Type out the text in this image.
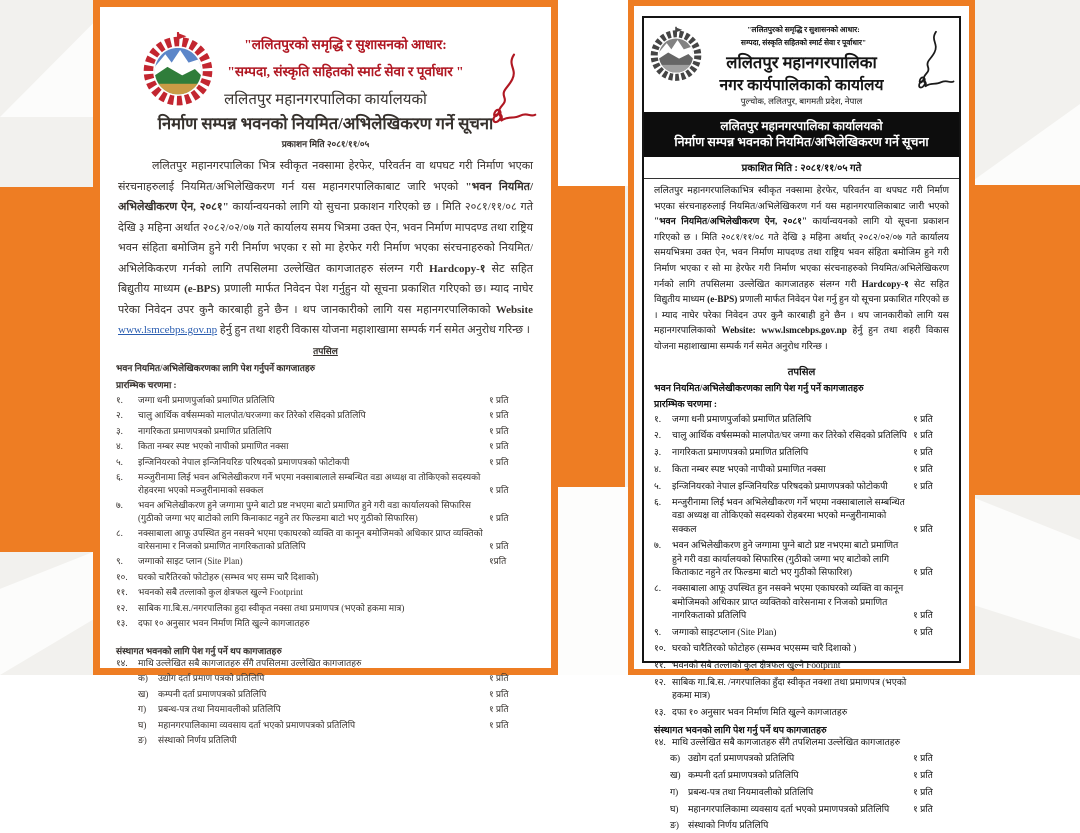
"ललितपुरको समृद्धि र सुशासनको आधार:
"सम्पदा, संस्कृति सहितको स्मार्ट सेवा र पूर्वाधार "
ललितपुर महानगरपालिका कार्यालयको
निर्माण सम्पन्न भवनको नियमित/अभिलेखिकरण गर्ने सूचना
प्रकाशन मिति २०८१/११/०५

ललितपुर महानगरपालिका भित्र स्वीकृत नक्सामा हेरफेर, परिवर्तन वा थपघट गरी निर्माण भएका संरचनाहरुलाई नियमित/अभिलेखिकरण गर्न यस महानगरपालिकाबाट जारि भएको "भवन नियमित/अभिलेखीकरण ऐन, २०८१" कार्यान्वयनको लागि यो सुचना प्रकाशन गरिएको छ । मिति २०८१/११/०८ गते देखि ३ महिना अर्थात २०८२/०२/०७ गते कार्यालय समय भित्रमा उक्त ऐन, भवन निर्माण मापदण्ड तथा राष्ट्रिय भवन संहिता बमोजिम हुने गरी निर्माण भएका र सो मा हेरफेर गरी निर्माण भएका संरचनाहरुको नियमित/अभिलेकिकरण गर्नको लागि तपसिलमा उल्लेखित कागजातहरु संलग्न गरी Hardcopy-१ सेट सहित बिद्युतीय माध्यम (e-BPS) प्रणाली मार्फत निवेदन पेश गर्नुहुन यो सूचना प्रकाशित गरिएको छ। म्याद नाघेर परेका निवेदन उपर कुनै कारबाही हुने छैन । थप जानकारीको लागि यस महानगरपालिकाको Website www.lsmcebps.gov.np हेर्नु हुन तथा शहरी विकास योजना महाशाखामा सम्पर्क गर्न समेत अनुरोध गरिन्छ ।

तपसिल
भवन नियमित/अभिलेखिकरणका लागि पेश गर्नुपर्ने कागजातहरु
प्रारम्भिक चरणमा :
१.	जग्गा धनी प्रमाणपुर्जाको प्रमाणित प्रतिलिपि	१ प्रति
२.	चालु आर्थिक वर्षसम्मको मालपोत/घरजग्गा कर तिरेको रसिदको प्रतिलिपि	१ प्रति
३.	नागरिकता प्रमाणपत्रको प्रमाणित प्रतिलिपि	१ प्रति
४.	किता नम्बर स्पष्ट भएको नापीको प्रमाणित नक्सा	१ प्रति
५.	इन्जिनियरको नेपाल इन्जिनियरिङ परिषदको प्रमाणपत्रको फोटोकपी	१ प्रति
६.	मञ्जुरीनामा लिई भवन अभिलेखीकरण गर्ने भएमा नक्साबालाले सम्बन्धित वडा अध्यक्ष वा तोकिएको सदस्यको रोहवरमा भएको मञ्जुरीनामाको सक्कल	१ प्रति
७.	भवन अभिलेखीकरण हुने जग्गामा पुग्ने बाटो प्रष्ट नभएमा बाटो प्रमाणित हुने गरी वडा कार्यालयको सिफारिस (गुठीको जग्गा भए बाटोको लागि किनाकाट नहुने तर फिल्डमा बाटो भए गुठीको सिफारिस)	१ प्रति
८.	नक्साबाला आफू उपस्थित हुन नसक्ने भएमा एकाघरको व्यक्ति वा कानून बमोजिमको अधिकार प्राप्त व्यक्तिको वारेसनामा र निजको प्रमाणित नागरिकताको प्रतिलिपि	१ प्रति
९.	जग्गाको साइट प्लान (Site Plan)	१प्रति
१०.	घरको चारैतिरको फोटोहरु (सम्भव भए सम्म चारै दिशाको)
११.	भवनको सबै तल्लाको कुल क्षेत्रफल खुल्ने Footprint
१२.	साबिक गा.बि.स./नगरपालिका हुदा स्वीकृत नक्सा तथा प्रमाणपत्र (भएको हकमा मात्र)
१३.	दफा १० अनुसार भवन निर्माण मिति खुल्ने कागजातहरु
संस्थागत भवनको लागि पेश गर्नु पर्ने थप कागजातहरु
१४.	माथि उल्लेखित सबै कागजातहरु सँगै तपसिलमा उल्लेखित कागजातहरु
क)	उद्योग दर्ता प्रमाण पत्रको प्रतिलिपि	१ प्रति
ख)	कम्पनी दर्ता प्रमाणपत्रको प्रतिलिपि	१ प्रति
ग)	प्रबन्ध-पत्र तथा नियमावलीको प्रतिलिपि	१ प्रति
घ)	महानगरपालिकामा व्यवसाय दर्ता भएको प्रमाणपत्रको प्रतिलिपि	१ प्रति
ङ)	संस्थाको निर्णय प्रतिलिपी
"ललितपुरको समृद्धि र सुशासनको आधार:
सम्पदा, संस्कृति सहितको स्मार्ट सेवा र पूर्वाधार"
ललितपुर महानगरपालिका
नगर कार्यपालिकाको कार्यालय
पुल्चोक, ललितपुर, बागमती प्रदेश, नेपाल
ललितपुर महानगरपालिका कार्यालयको
निर्माण सम्पन्न भवनको नियमित/अभिलेखिकरण गर्ने सूचना
प्रकाशित मिति : २०८१/११/०५ गते

ललितपुर महानगरपालिकाभित्र स्वीकृत नक्सामा हेरफेर, परिवर्तन वा थपघट गरी निर्माण भएका संरचनाहरुलाई नियमित/अभिलेखिकरण गर्न यस महानगरपालिकाबाट जारी भएको "भवन नियमित/अभिलेखीकरण ऐन, २०८१" कार्यान्वयनको लागि यो सूचना प्रकाशन गरिएको छ । मिति २०८१/११/०८ गते देखि ३ महिना अर्थात् २०८२/०२/०७ गते कार्यालय समयभित्रमा उक्त ऐन, भवन निर्माण मापदण्ड तथा राष्ट्रिय भवन संहिता बमोजिम हुने गरी निर्माण भएका र सो मा हेरफेर गरी निर्माण भएका संरचनाहरुको नियमित/अभिलेखिकरण गर्नको लागि तपसिलमा उल्लेखित कागजातहरु संलग्न गरी Hardcopy-१ सेट सहित विद्युतीय माध्यम (e-BPS) प्रणाली मार्फत निवेदन पेश गर्नु हुन यो सूचना प्रकाशित गरिएको छ । म्याद नाघेर परेका निवेदन उपर कुनै कारबाही हुने छैन । थप जानकारीको लागि यस महानगरपालिकाको Website: www.lsmcebps.gov.np हेर्नु हुन तथा शहरी विकास योजना महाशाखामा सम्पर्क गर्न समेत अनुरोध गरिन्छ ।

तपसिल
भवन नियमित/अभिलेखीकरणका लागि पेश गर्नु पर्ने कागजातहरु
प्रारम्भिक चरणमा :
१.	जग्गा धनी प्रमाणपुर्जाको प्रमाणित प्रतिलिपि	१ प्रति
२.	चालु आर्थिक वर्षसम्मको मालपोत/घर जग्गा कर तिरेको रसिदको प्रतिलिपि १ प्रति
३.	नागरिकता प्रमाणपत्रको प्रमाणित प्रतिलिपि	१ प्रति
४.	किता नम्बर स्पष्ट भएको नापीको प्रमाणित नक्सा	१ प्रति
५.	इन्जिनियरको नेपाल इन्जिनियरिङ परिषदको प्रमाणपत्रको फोटोकपी	१ प्रति
६.	मन्जुरीनामा लिई भवन अभिलेखीकरण गर्ने भएमा नक्साबालाले सम्बन्धित वडा अध्यक्ष वा तोकिएको सदस्यको रोहबरमा भएको मन्जुरीनामाको सक्कल	१ प्रति
७.	भवन अभिलेखीकरण हुने जग्गामा पुग्ने बाटो प्रष्ट नभएमा बाटो प्रमाणित हुने गरी वडा कार्यालयको सिफारिस (गुठीको जग्गा भए बाटोको लागि किताकाट नहुने तर फिल्डमा बाटो भए गुठीको सिफारिश)	१ प्रति
८.	नक्साबाला आफू उपस्थित हुन नसक्ने भएमा एकाघरको व्यक्ति वा कानून बमोजिमको अधिकार प्राप्त व्यक्तिको वारेसनामा र निजको प्रमाणित नागरिकताको प्रतिलिपि	१ प्रति
९.	जग्गाको साइटप्लान (Site Plan)	१ प्रति
१०. घरको चारैतिरको फोटोहरु (सम्भव भएसम्म चारै दिशाको )
११. भवनको सबै तल्लाको कुल क्षेत्रफल खुल्ने Footprint
१२. साबिक गा.बि.स. /नगरपालिका हुँदा स्वीकृत नक्शा तथा प्रमाणपत्र (भएको हकमा मात्र)
१३. दफा १० अनुसार भवन निर्माण मिति खुल्ने कागजातहरु
संस्थागत भवनको लागि पेश गर्नु पर्ने थप कागजातहरु
१४. माथि उल्लेखित सबै कागजातहरु सँगै तपशिलमा उल्लेखित कागजातहरु
क) उद्योग दर्ता प्रमाणपत्रको प्रतिलिपि	१ प्रति
ख) कम्पनी दर्ता प्रमाणपत्रको प्रतिलिपि	१ प्रति
ग)	प्रबन्ध-पत्र तथा नियमावलीको प्रतिलिपि	१ प्रति
घ)	महानगरपालिकामा व्यवसाय दर्ता भएको प्रमाणपत्रको प्रतिलिपि	१ प्रति
ङ) संस्थाको निर्णय प्रतिलिपि
